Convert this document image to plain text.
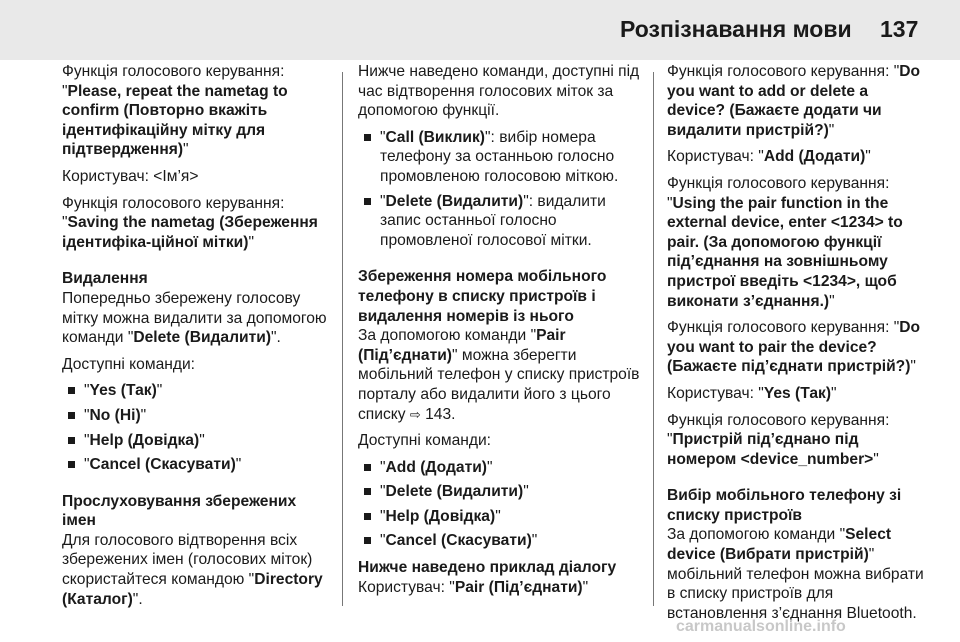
Розпізнавання мови 137

Функція голосового керування: "Please, repeat the nametag to confirm (Повторно вкажіть ідентифікаційну мітку для підтвердження)"

Користувач: <Ім’я>

Функція голосового керування: "Saving the nametag (Збереження ідентифіка-ційної мітки)"

Видалення

Попередньо збережену голосову мітку можна видалити за допомогою команди "Delete (Видалити)".

Доступні команди:

"Yes (Так)"
"No (Ні)"
"Help (Довідка)"
"Cancel (Скасувати)"
Прослуховування збережених імен

Для голосового відтворення всіх збережених імен (голосових міток) скористайтеся командою "Directory (Каталог)".

Нижче наведено команди, доступні під час відтворення голосових міток за допомогою функції.

"Call (Виклик)": вибір номера телефону за останньою голосно промовленою голосовою міткою.
"Delete (Видалити)": видалити запис останньої голосно промовленої голосової мітки.
Збереження номера мобільного телефону в списку пристроїв і видалення номерів із нього

За допомогою команди "Pair (Під’єднати)" можна зберегти мобільний телефон у списку пристроїв порталу або видалити його з цього списку ⇨ 143.

Доступні команди:

"Add (Додати)"
"Delete (Видалити)"
"Help (Довідка)"
"Cancel (Скасувати)"
Нижче наведено приклад діалогу

Користувач: "Pair (Під’єднати)"

Функція голосового керування: "Do you want to add or delete a device? (Бажаєте додати чи видалити пристрій?)"

Користувач: "Add (Додати)"

Функція голосового керування: "Using the pair function in the external device, enter <1234> to pair. (За допомогою функції під’єднання на зовнішньому пристрої введіть <1234>, щоб виконати з’єднання.)"

Функція голосового керування: "Do you want to pair the device? (Бажаєте під’єднати пристрій?)"

Користувач: "Yes (Так)"

Функція голосового керування: "Пристрій під’єднано під номером <device_number>"

Вибір мобільного телефону зі списку пристроїв

За допомогою команди "Select device (Вибрати пристрій)" мобільний телефон можна вибрати в списку пристроїв для встановлення з’єднання Bluetooth.

carmanualsonline.info
